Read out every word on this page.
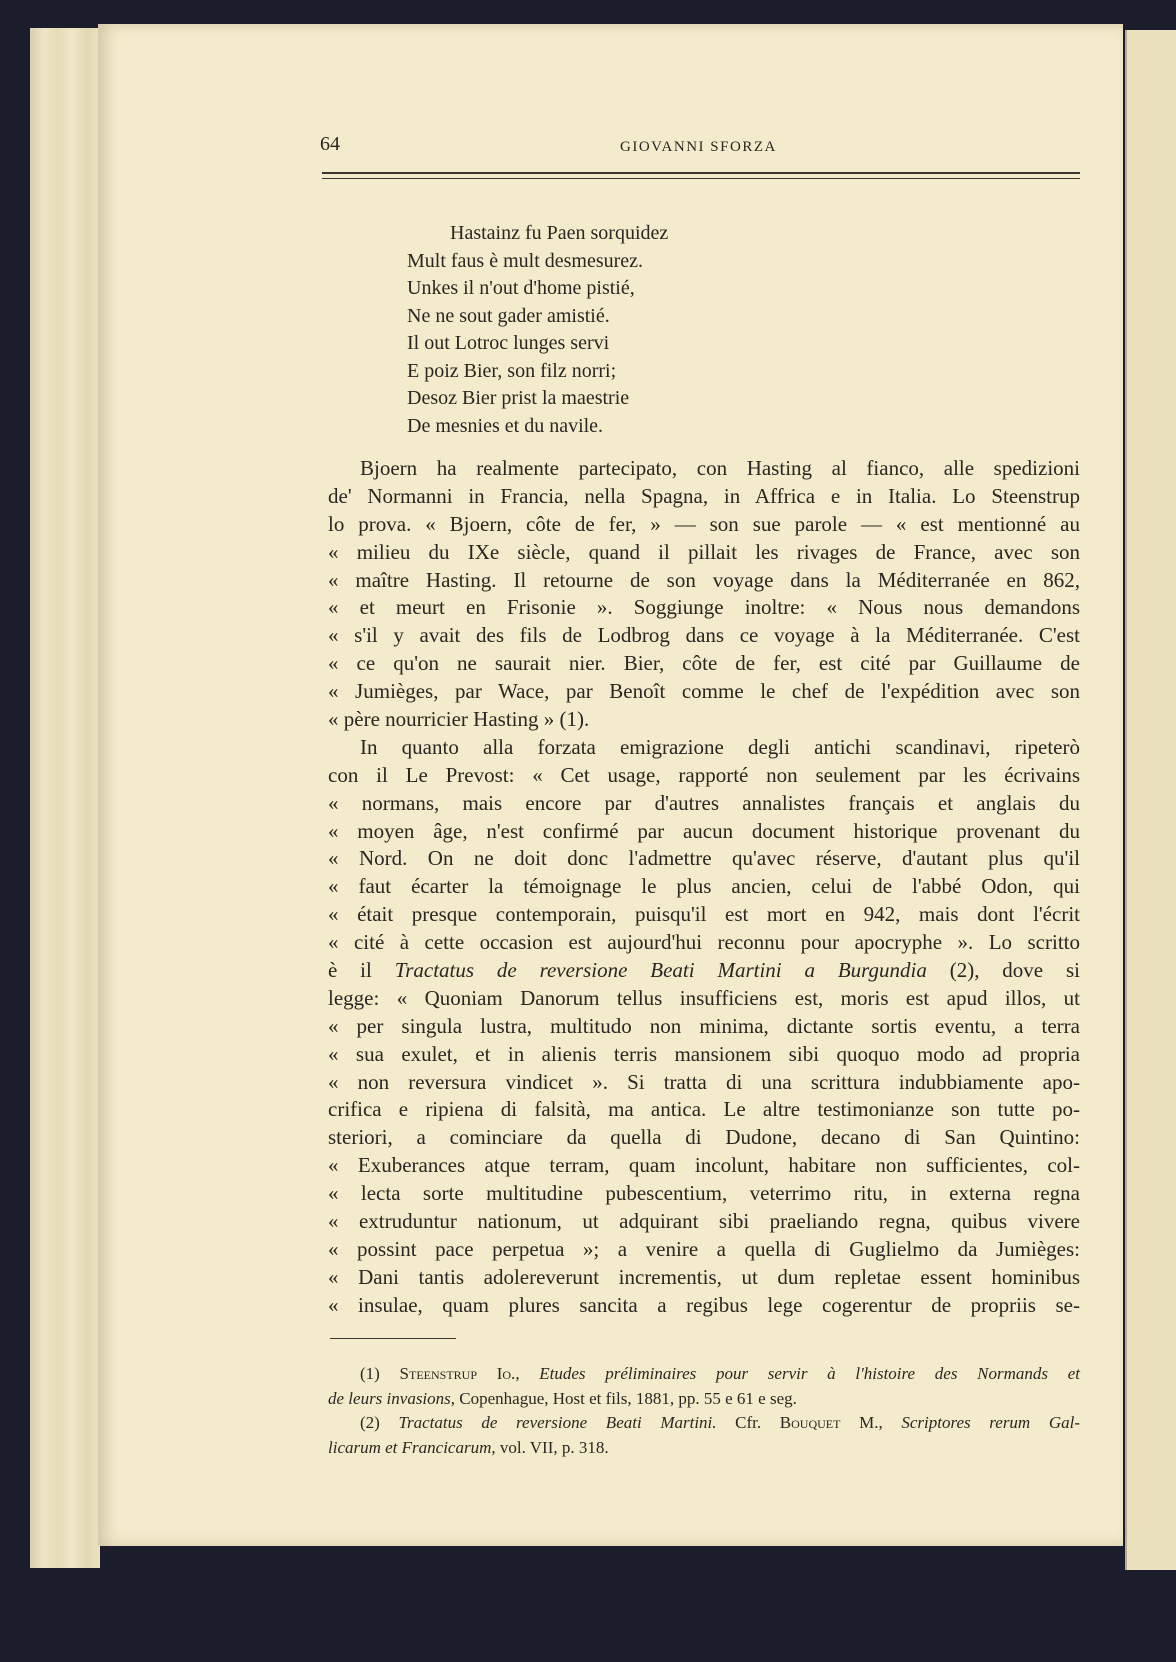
64	GIOVANNI SFORZA
Hastainz fu Paen sorquidez
Mult faus è mult desmesurez.
Unkes il n'out d'home pistié,
Ne ne sout gader amistié.
Il out Lotroc lunges servi
E poiz Bier, son filz norri;
Desoz Bier prist la maestrie
De mesnies et du navile.
Bjoern ha realmente partecipato, con Hasting al fianco, alle spedizioni
de' Normanni in Francia, nella Spagna, in Affrica e in Italia. Lo Steenstrup
lo prova. « Bjoern, côte de fer, » — son sue parole — « est mentionné au
« milieu du IXe siècle, quand il pillait les rivages de France, avec son
« maître Hasting. Il retourne de son voyage dans la Méditerranée en 862,
« et meurt en Frisonie ». Soggiunge inoltre: « Nous nous demandons
« s'il y avait des fils de Lodbrog dans ce voyage à la Méditerranée. C'est
« ce qu'on ne saurait nier. Bier, côte de fer, est cité par Guillaume de
« Jumièges, par Wace, par Benoît comme le chef de l'expédition avec son
« père nourricier Hasting » (1).
In quanto alla forzata emigrazione degli antichi scandinavi, ripeterò
con il Le Prevost: « Cet usage, rapporté non seulement par les écrivains
« normans, mais encore par d'autres annalistes français et anglais du
« moyen âge, n'est confirmé par aucun document historique provenant du
« Nord. On ne doit donc l'admettre qu'avec réserve, d'autant plus qu'il
« faut écarter la témoignage le plus ancien, celui de l'abbé Odon, qui
« était presque contemporain, puisqu'il est mort en 942, mais dont l'écrit
« cité à cette occasion est aujourd'hui reconnu pour apocryphe ». Lo scritto
è il Tractatus de reversione Beati Martini a Burgundia (2), dove si
legge: « Quoniam Danorum tellus insufficiens est, moris est apud illos, ut
« per singula lustra, multitudo non minima, dictante sortis eventu, a terra
« sua exulet, et in alienis terris mansionem sibi quoquo modo ad propria
« non reversura vindicet ». Si tratta di una scrittura indubbiamente apo-
crifica e ripiena di falsità, ma antica. Le altre testimonianze son tutte po-
steriori, a cominciare da quella di Dudone, decano di San Quintino:
« Exuberances atque terram, quam incolunt, habitare non sufficientes, col-
« lecta sorte multitudine pubescentium, veterrimo ritu, in externa regna
« extruduntur nationum, ut adquirant sibi praeliando regna, quibus vivere
« possint pace perpetua »; a venire a quella di Guglielmo da Jumièges:
« Dani tantis adolereverunt incrementis, ut dum repletae essent hominibus
« insulae, quam plures sancita a regibus lege cogerentur de propriis se-
(1) Steenstrup Io., Etudes préliminaires pour servir à l'histoire des Normands et
de leurs invasions, Copenhague, Host et fils, 1881, pp. 55 e 61 e seg.
(2) Tractatus de reversione Beati Martini. Cfr. Bouquet M., Scriptores rerum Gal-
licarum et Francicarum, vol. VII, p. 318.
